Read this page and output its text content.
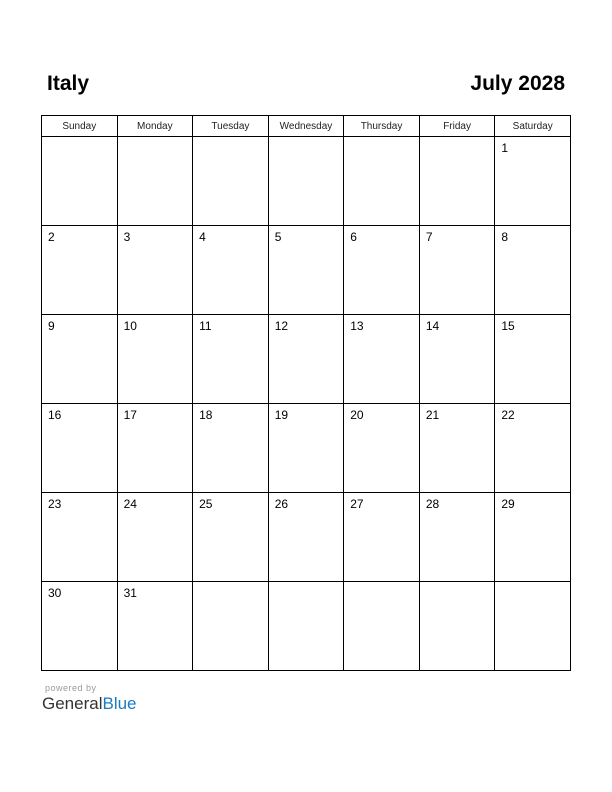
Italy	July 2028
Sunday	Monday	Tuesday	Wednesday	Thursday	Friday	Saturday

						1

2	3	4	5	6	7	8

9	10	11	12	13	14	15

16	17	18	19	20	21	22

23	24	25	26	27	28	29

30	31					

powered by
GeneralBlue
